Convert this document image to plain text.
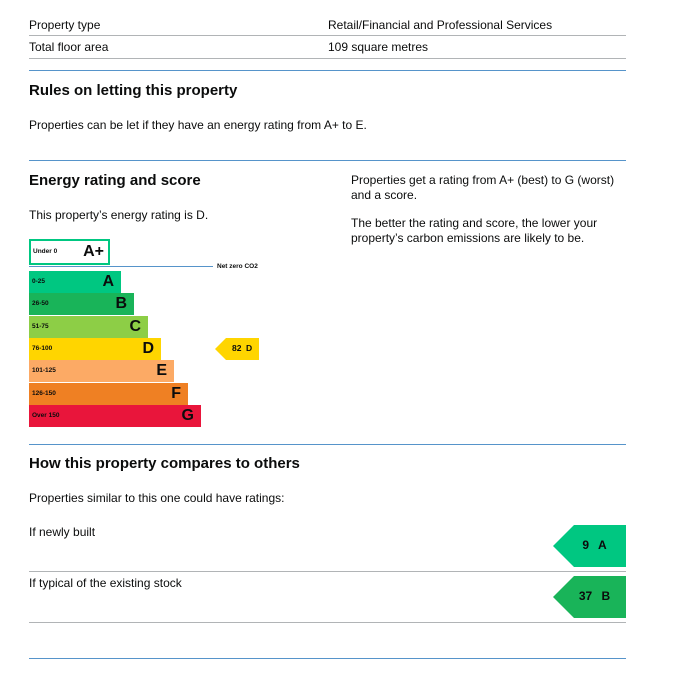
Property type	Retail/Financial and Professional Services
Total floor area	109 square metres
Rules on letting this property
Properties can be let if they have an energy rating from A+ to E.
Energy rating and score
This property’s energy rating is D.
Properties get a rating from A+ (best) to G (worst) and a score.
The better the rating and score, the lower your property’s carbon emissions are likely to be.
Under 0 A+
Net zero CO2
0-25	A
26-50	B
51-75	C
76-100	D
101-125	E
126-150	F
Over 150	G
82 D
How this property compares to others
Properties similar to this one could have ratings:
If newly built
9 A
If typical of the existing stock
37 B
